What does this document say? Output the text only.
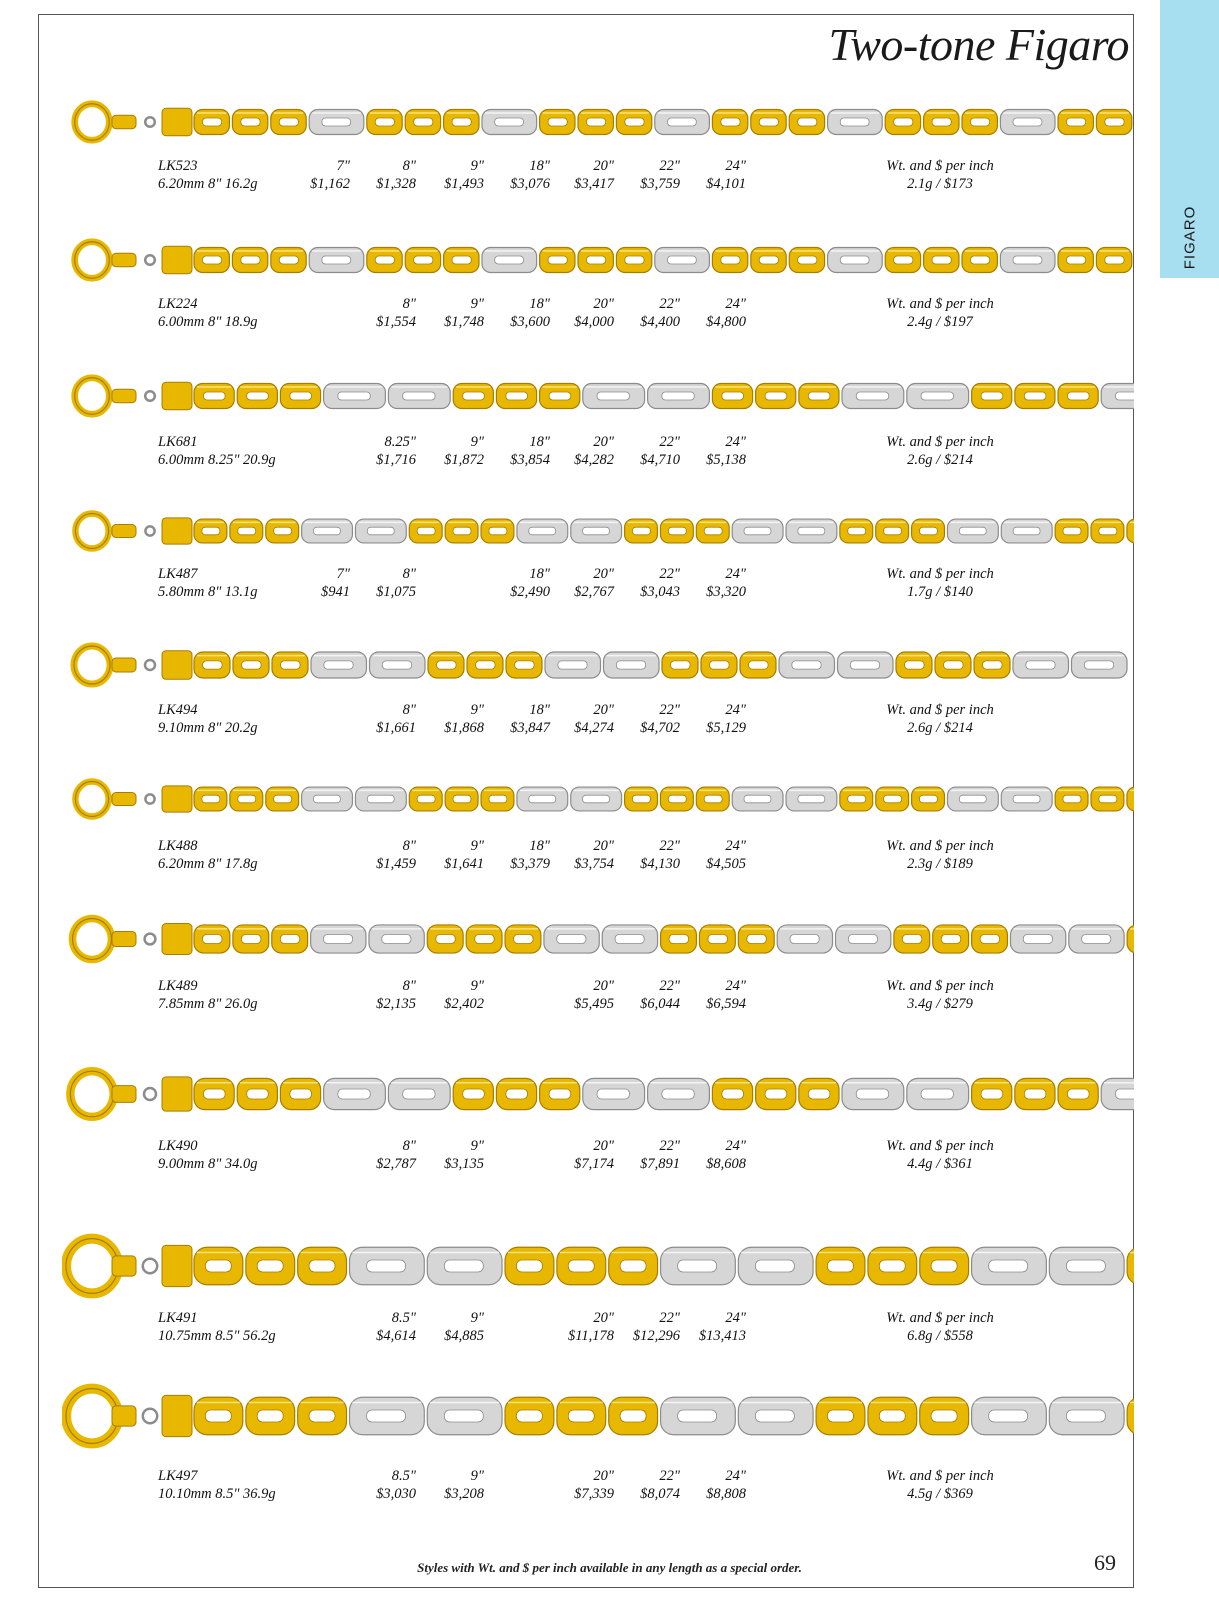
FIGARO
Two-tone Figaro
LK523
6.20mm 8" 16.2g
7"	8"	9"	18"	20"	22"	24"
$1,162 $1,328 $1,493 $3,076 $3,417 $3,759 $4,101
Wt. and $ per inch
2.1g / $173
LK224
6.00mm 8" 18.9g
8"	9"	18"	20"	22"	24"
$1,554 $1,748 $3,600 $4,000 $4,400 $4,800
Wt. and $ per inch
2.4g / $197
LK681
6.00mm 8.25" 20.9g
8.25"	9"	18"	20"	22"	24"
$1,716 $1,872 $3,854 $4,282 $4,710 $5,138
Wt. and $ per inch
2.6g / $214
LK487
5.80mm 8" 13.1g
7"	8"	18"	20"	22"	24"
$941 $1,075	$2,490 $2,767 $3,043 $3,320
Wt. and $ per inch
1.7g / $140
LK494
9.10mm 8" 20.2g
8"	9"	18"	20"	22"	24"
$1,661 $1,868 $3,847 $4,274 $4,702 $5,129
Wt. and $ per inch
2.6g / $214
LK488
6.20mm 8" 17.8g
8"	9"	18"	20"	22"	24"
$1,459 $1,641 $3,379 $3,754 $4,130 $4,505
Wt. and $ per inch
2.3g / $189
LK489
7.85mm 8" 26.0g
8"	9"	20"	22"	24"
$2,135 $2,402	$5,495 $6,044 $6,594
Wt. and $ per inch
3.4g / $279
LK490
9.00mm 8" 34.0g
8"	9"	20"	22"	24"
$2,787 $3,135	$7,174 $7,891 $8,608
Wt. and $ per inch
4.4g / $361
LK491
10.75mm 8.5" 56.2g
8.5"	9"	20"	22"	24"
$4,614 $4,885	$11,178 $12,296 $13,413
Wt. and $ per inch
6.8g / $558
LK497
10.10mm 8.5" 36.9g
8.5"	9"	20"	22"	24"
$3,030 $3,208	$7,339 $8,074 $8,808
Wt. and $ per inch
4.5g / $369
Styles with Wt. and $ per inch available in any length as a special order.	69
